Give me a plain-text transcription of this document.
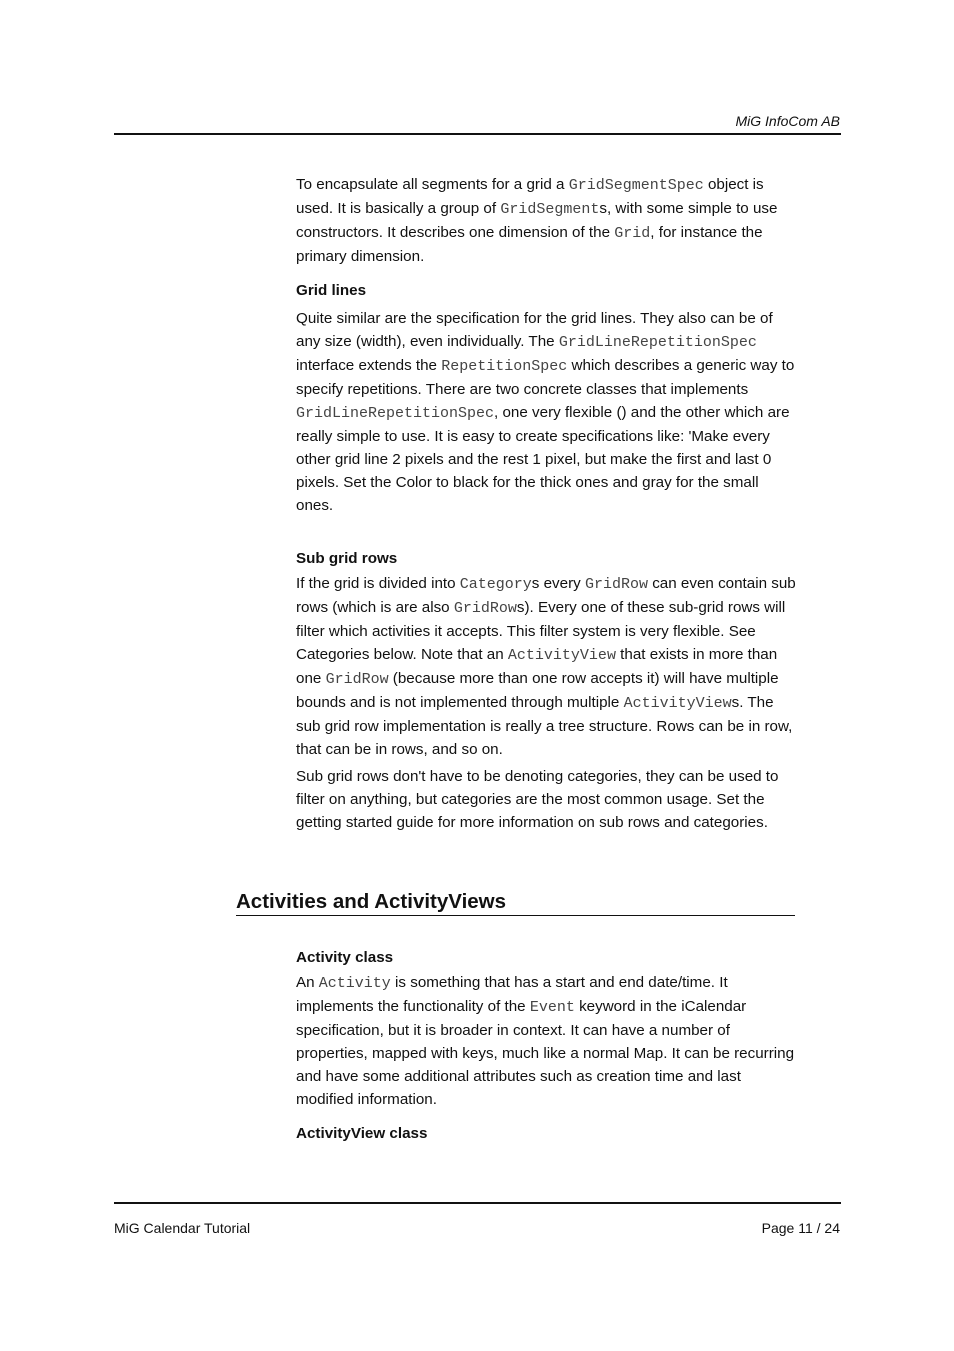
MiG InfoCom AB

To encapsulate all segments for a grid a GridSegmentSpec object is used. It is basically a group of GridSegments, with some simple to use constructors. It describes one dimension of the Grid, for instance the primary dimension.

Grid lines

Quite similar are the specification for the grid lines. They also can be of any size (width), even individually. The GridLineRepetitionSpec interface extends the RepetitionSpec which describes a generic way to specify repetitions. There are two concrete classes that implements GridLineRepetitionSpec, one very flexible () and the other which are really simple to use. It is easy to create specifications like: 'Make every other grid line 2 pixels and the rest 1 pixel, but make the first and last 0 pixels. Set the Color to black for the thick ones and gray for the small ones.

Sub grid rows

If the grid is divided into Categorys every GridRow can even contain sub rows (which is are also GridRows). Every one of these sub-grid rows will filter which activities it accepts. This filter system is very flexible. See Categories below. Note that an ActivityView that exists in more than one GridRow (because more than one row accepts it) will have multiple bounds and is not implemented through multiple ActivityViews. The sub grid row implementation is really a tree structure. Rows can be in row, that can be in rows, and so on.

Sub grid rows don't have to be denoting categories, they can be used to filter on anything, but categories are the most common usage. Set the getting started guide for more information on sub rows and categories.

Activities and ActivityViews
Activity class

An Activity is something that has a start and end date/time. It implements the functionality of the Event keyword in the iCalendar specification, but it is broader in context. It can have a number of properties, mapped with keys, much like a normal Map. It can be recurring and have some additional attributes such as creation time and last modified information.

ActivityView class
MiG Calendar Tutorial	Page 11 / 24
